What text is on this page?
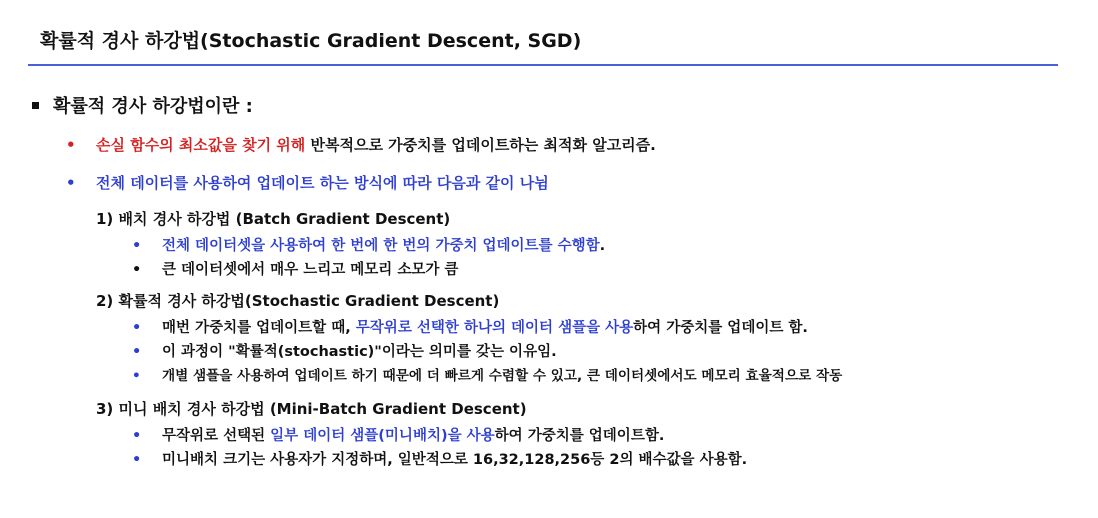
확률적 경사 하강법(Stochastic Gradient Descent, SGD)
확률적 경사 하강법이란 :
• 손실 함수의 최소값을 찾기 위해 반복적으로 가중치를 업데이트하는 최적화 알고리즘.
• 전체 데이터를 사용하여 업데이트 하는 방식에 따라 다음과 같이 나뉨
1) 배치 경사 하강법 (Batch Gradient Descent)
• 전체 데이터셋을 사용하여 한 번에 한 번의 가중치 업데이트를 수행함.
• 큰 데이터셋에서 매우 느리고 메모리 소모가 큼
2) 확률적 경사 하강법(Stochastic Gradient Descent)
• 매번 가중치를 업데이트할 때, 무작위로 선택한 하나의 데이터 샘플을 사용하여 가중치를 업데이트 함.
• 이 과정이 "확률적(stochastic)"이라는 의미를 갖는 이유임.
• 개별 샘플을 사용하여 업데이트 하기 때문에 더 빠르게 수렴할 수 있고, 큰 데이터셋에서도 메모리 효율적으로 작동
3) 미니 배치 경사 하강법 (Mini-Batch Gradient Descent)
• 무작위로 선택된 일부 데이터 샘플(미니배치)을 사용하여 가중치를 업데이트함.
• 미니배치 크기는 사용자가 지정하며, 일반적으로 16,32,128,256등 2의 배수값을 사용함.
